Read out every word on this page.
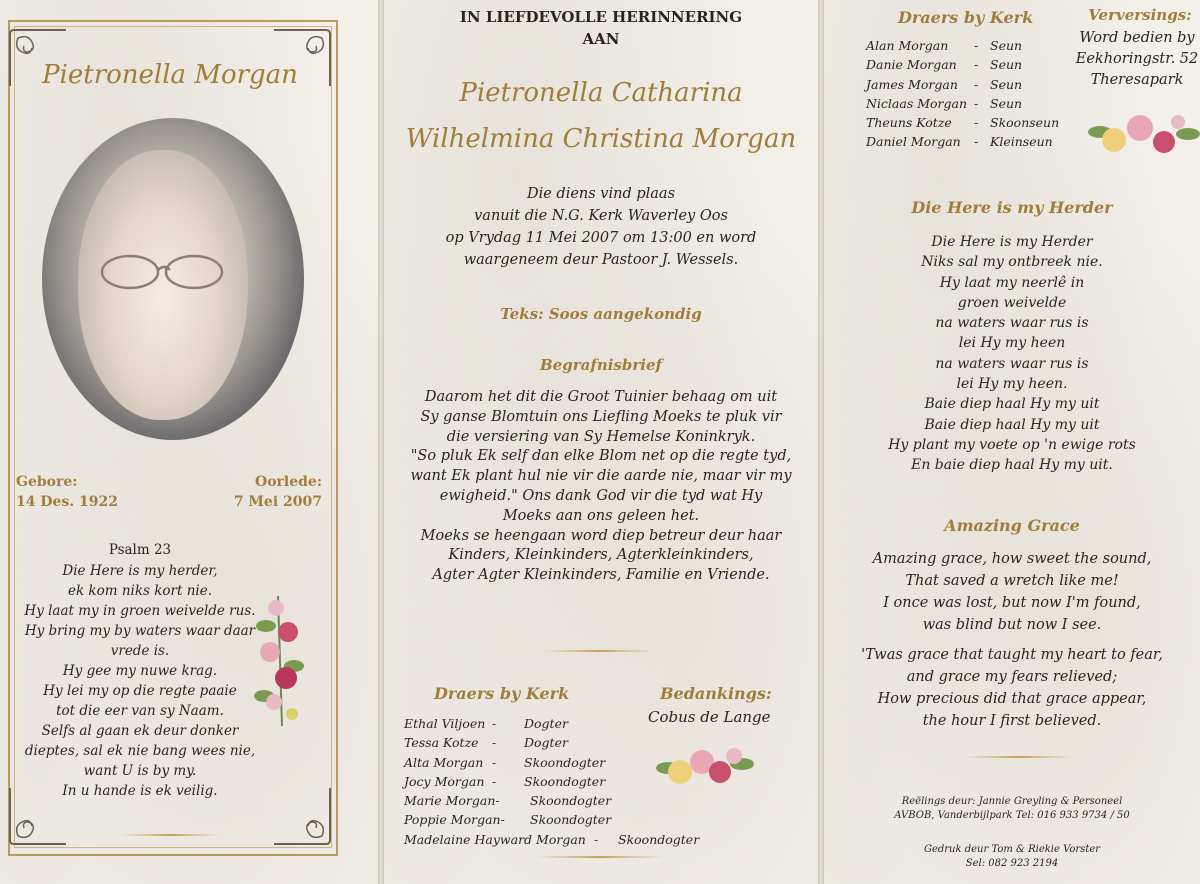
Pietronella Morgan
Gebore:
14 Des. 1922
Oorlede:
7 Mei 2007
Psalm 23
Die Here is my herder,
ek kom niks kort nie.
Hy laat my in groen weivelde rus.
Hy bring my by waters waar daar
vrede is.
Hy gee my nuwe krag.
Hy lei my op die regte paaie
tot die eer van sy Naam.
Selfs al gaan ek deur donker
dieptes, sal ek nie bang wees nie,
want U is by my.
In u hande is ek veilig.
IN LIEFDEVOLLE HERINNERING
AAN
Pietronella Catharina
Wilhelmina Christina Morgan
Die diens vind plaas
vanuit die N.G. Kerk Waverley Oos
op Vrydag 11 Mei 2007 om 13:00 en word
waargeneem deur Pastoor J. Wessels.
Teks: Soos aangekondig
Begrafnisbrief
Daarom het dit die Groot Tuinier behaag om uit
Sy ganse Blomtuin ons Liefling Moeks te pluk vir
die versiering van Sy Hemelse Koninkryk.
"So pluk Ek self dan elke Blom net op die regte tyd,
want Ek plant hul nie vir die aarde nie, maar vir my
ewigheid." Ons dank God vir die tyd wat Hy
Moeks aan ons geleen het.
Moeks se heengaan word diep betreur deur haar
Kinders, Kleinkinders, Agterkleinkinders,
Agter Agter Kleinkinders, Familie en Vriende.
Draers by Kerk
Ethal Viljoen - Dogter
Tessa Kotze - Dogter
Alta Morgan - Skoondogter
Jocy Morgan - Skoondogter
Marie Morgan- Skoondogter
Poppie Morgan- Skoondogter
Madelaine Hayward Morgan - Skoondogter
Bedankings:
Cobus de Lange
Draers by Kerk
Alan Morgan - Seun
Danie Morgan - Seun
James Morgan - Seun
Niclaas Morgan - Seun
Theuns Kotze - Skoonseun
Daniel Morgan - Kleinseun
Verversings:
Word bedien by
Eekhoringstr. 52
Theresapark
Die Here is my Herder
Die Here is my Herder
Niks sal my ontbreek nie.
Hy laat my neerlê in
groen weivelde
na waters waar rus is
lei Hy my heen
na waters waar rus is
lei Hy my heen.
Baie diep haal Hy my uit
Baie diep haal Hy my uit
Hy plant my voete op 'n ewige rots
En baie diep haal Hy my uit.
Amazing Grace
Amazing grace, how sweet the sound,
That saved a wretch like me!
I once was lost, but now I'm found,
was blind but now I see.
'Twas grace that taught my heart to fear,
and grace my fears relieved;
How precious did that grace appear,
the hour I first believed.
Reëlings deur: Jannie Greyling & Personeel
AVBOB, Vanderbijlpark Tel: 016 933 9734 / 50
Gedruk deur Tom & Riekie Vorster
Sel: 082 923 2194
